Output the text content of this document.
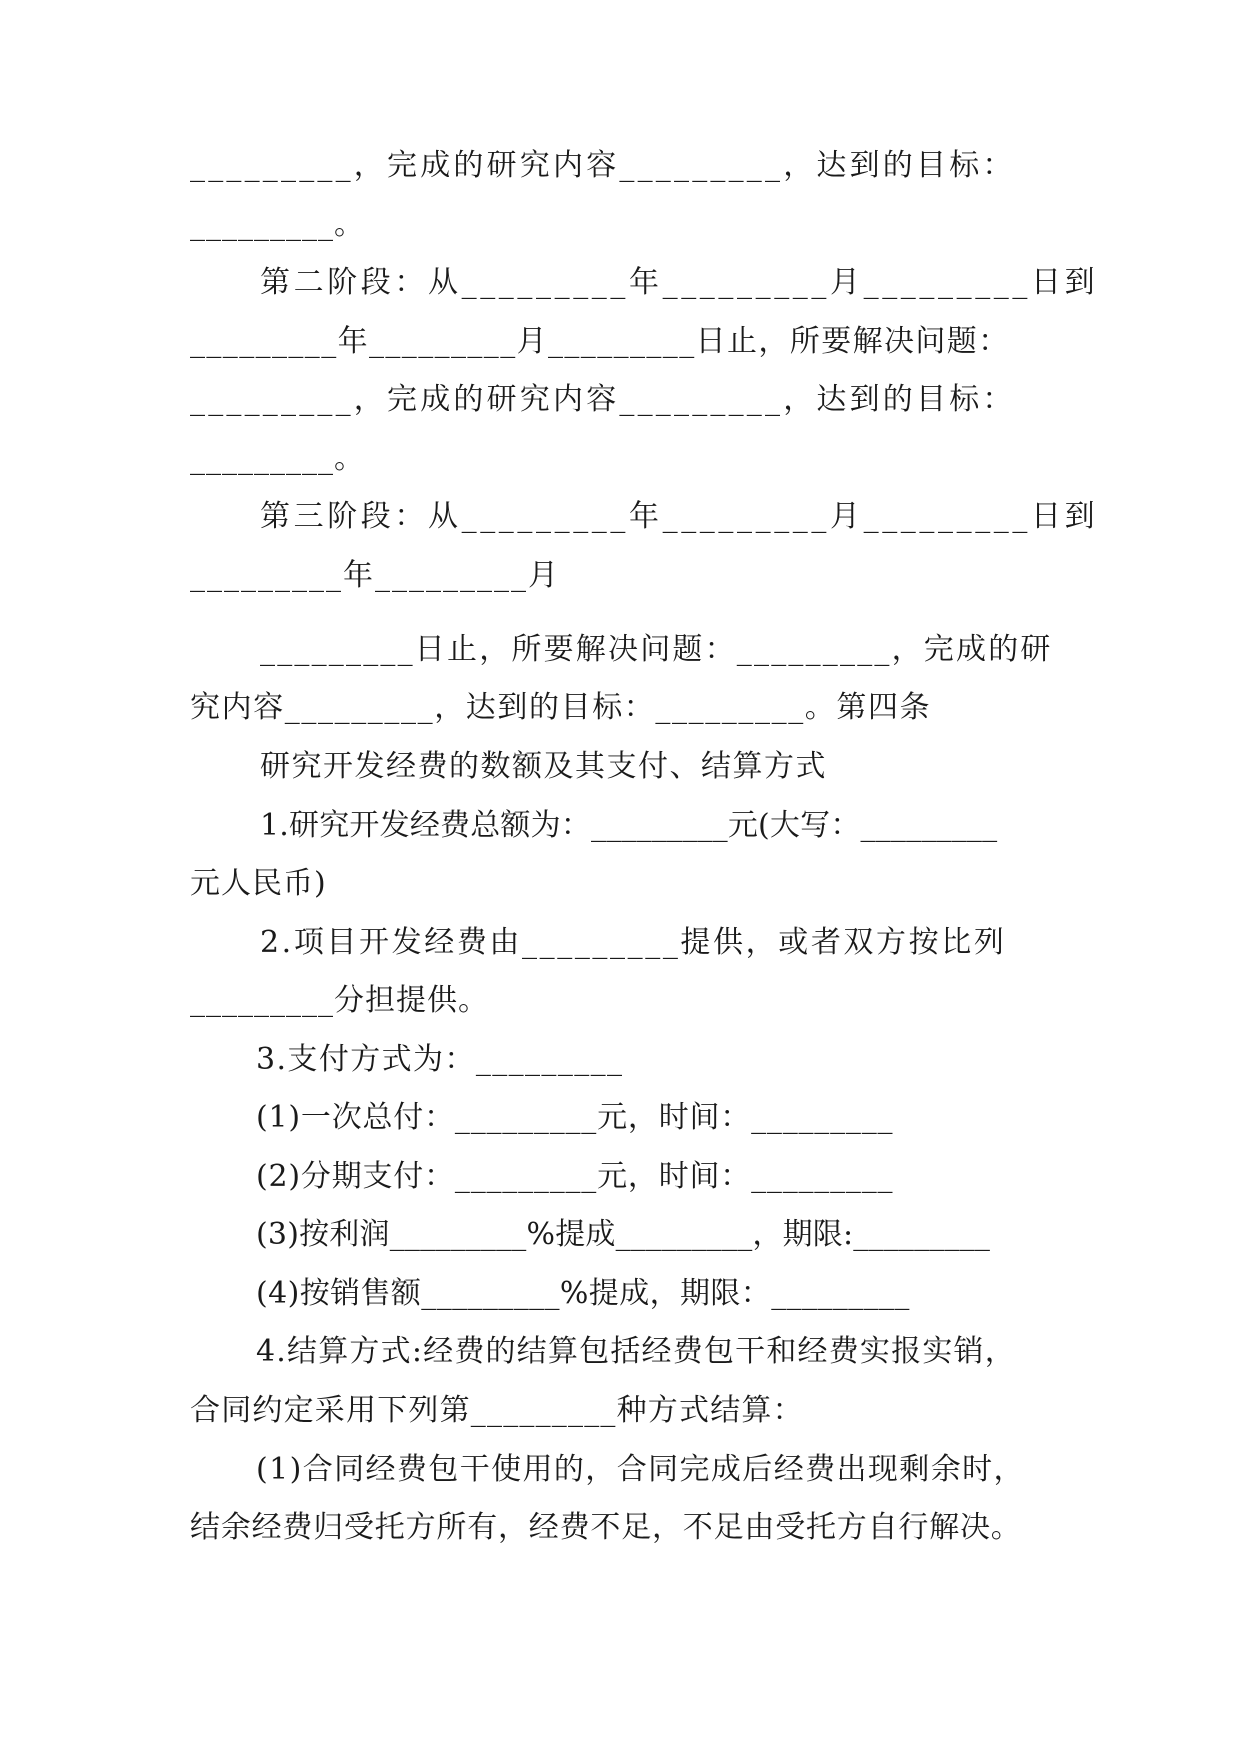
_________，完成的研究内容_________，达到的目标：

_________。

第二阶段：从_________年_________月_________日到

_________年_________月_________日止，所要解决问题：

_________，完成的研究内容_________，达到的目标：

_________。

第三阶段：从_________年_________月_________日到

_________年_________月

_________日止，所要解决问题：_________，完成的研

究内容_________，达到的目标：_________。第四条

研究开发经费的数额及其支付、结算方式

1.研究开发经费总额为：_________元(大写：_________

元人民币)

2.项目开发经费由_________提供，或者双方按比列

_________分担提供。

3.支付方式为：_________

(1)一次总付：_________元，时间：_________

(2)分期支付：_________元，时间：_________

(3)按利润_________%提成_________，期限:_________

(4)按销售额_________%提成，期限：_________

4.结算方式:经费的结算包括经费包干和经费实报实销，

合同约定采用下列第_________种方式结算：

(1)合同经费包干使用的，合同完成后经费出现剩余时，

结余经费归受托方所有，经费不足，不足由受托方自行解决。
